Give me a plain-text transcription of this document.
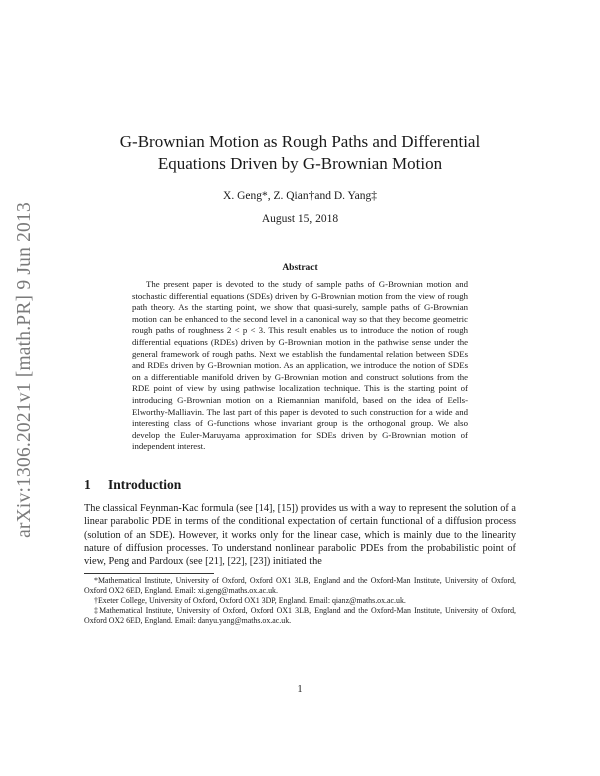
arXiv:1306.2021v1 [math.PR] 9 Jun 2013
G-Brownian Motion as Rough Paths and Differential
Equations Driven by G-Brownian Motion
X. Geng*, Z. Qian†and D. Yang‡
August 15, 2018
Abstract

The present paper is devoted to the study of sample paths of G-Brownian motion and stochastic differential equations (SDEs) driven by G-Brownian motion from the view of rough path theory. As the starting point, we show that quasi-surely, sample paths of G-Brownian motion can be enhanced to the second level in a canonical way so that they become geometric rough paths of roughness 2 < p < 3. This result enables us to introduce the notion of rough differential equations (RDEs) driven by G-Brownian motion in the pathwise sense under the general framework of rough paths. Next we establish the fundamental relation between SDEs and RDEs driven by G-Brownian motion. As an application, we introduce the notion of SDEs on a differentiable manifold driven by G-Brownian motion and construct solutions from the RDE point of view by using pathwise localization technique. This is the starting point of introducing G-Brownian motion on a Riemannian manifold, based on the idea of Eells-Elworthy-Malliavin. The last part of this paper is devoted to such construction for a wide and interesting class of G-functions whose invariant group is the orthogonal group. We also develop the Euler-Maruyama approximation for SDEs driven by G-Brownian motion of independent interest.

1 Introduction

The classical Feynman-Kac formula (see [14], [15]) provides us with a way to represent the solution of a linear parabolic PDE in terms of the conditional expectation of certain functional of a diffusion process (solution of an SDE). However, it works only for the linear case, which is mainly due to the linearity nature of diffusion processes. To understand nonlinear parabolic PDEs from the probabilistic point of view, Peng and Pardoux (see [21], [22], [23]) initiated the

*Mathematical Institute, University of Oxford, Oxford OX1 3LB, England and the Oxford-Man Institute, University of Oxford, Oxford OX2 6ED, England. Email: xi.geng@maths.ox.ac.uk.

†Exeter College, University of Oxford, Oxford OX1 3DP, England. Email: qianz@maths.ox.ac.uk.

‡Mathematical Institute, University of Oxford, Oxford OX1 3LB, England and the Oxford-Man Institute, University of Oxford, Oxford OX2 6ED, England. Email: danyu.yang@maths.ox.ac.uk.

1
